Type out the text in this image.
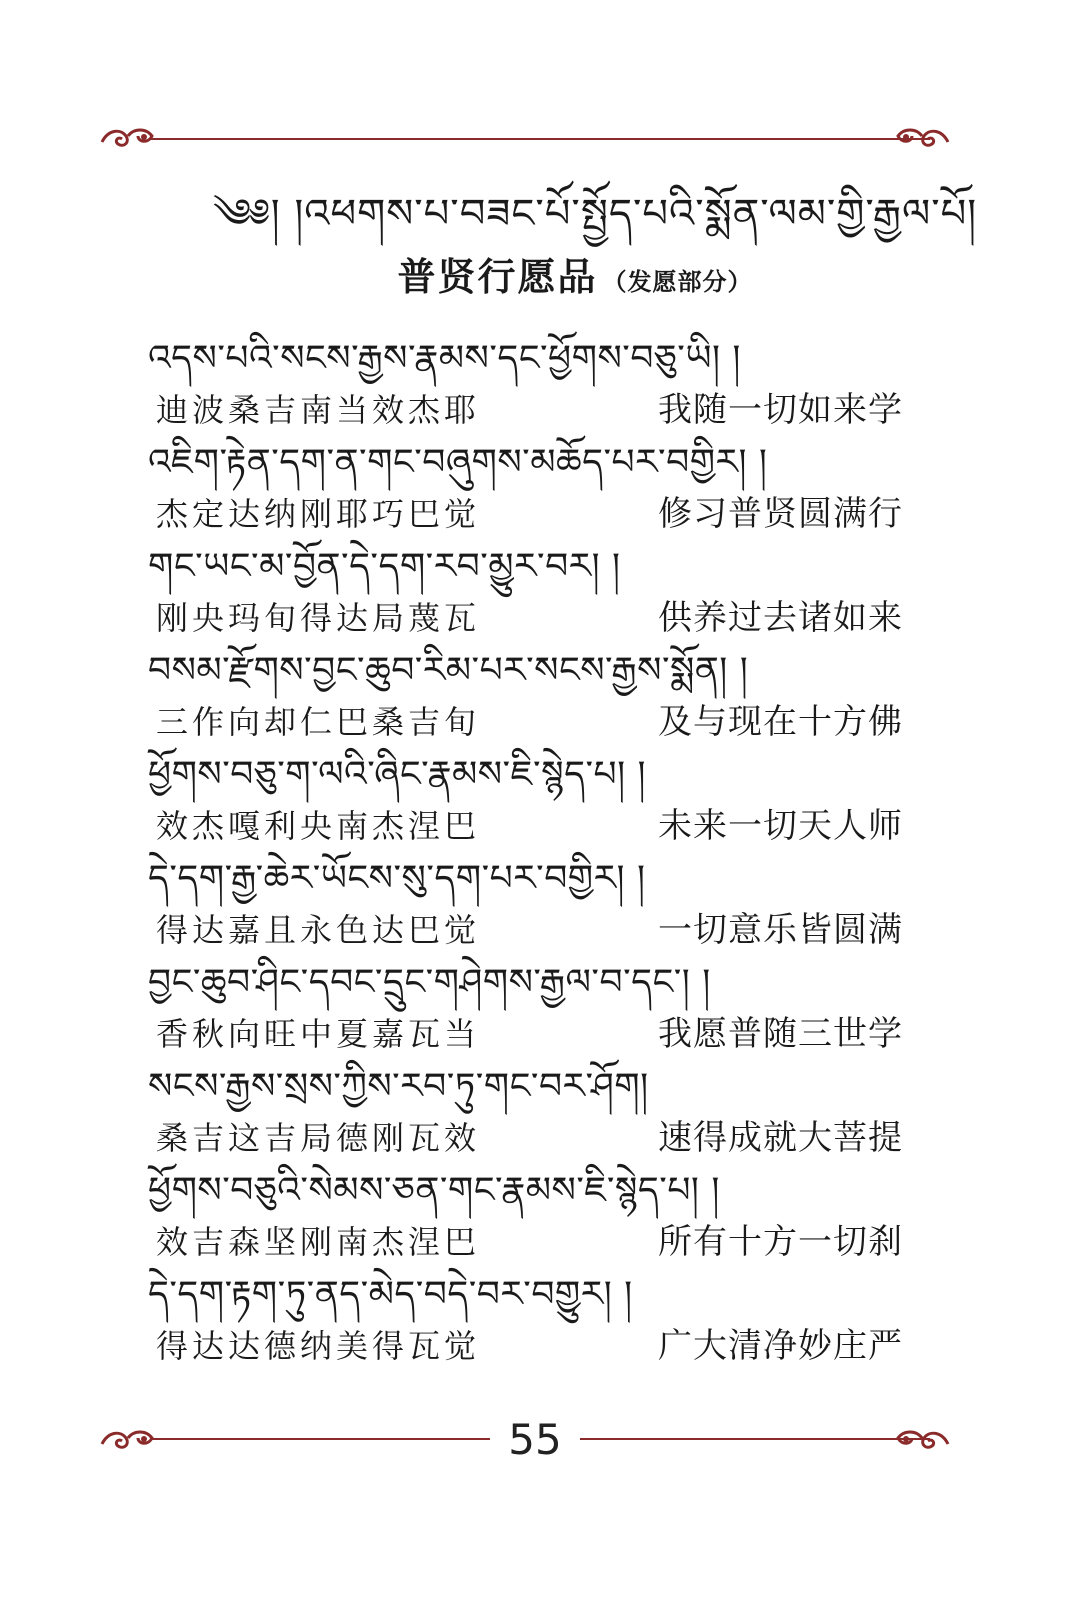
༄༅། །འཕགས་པ་བཟང་པོ་སྤྱོད་པའི་སྨོན་ལམ་གྱི་རྒྱལ་པོ།
普贤行愿品 （发愿部分）
འདས་པའི་སངས་རྒྱས་རྣམས་དང་ཕྱོགས་བཅུ་ཡི། །
迪波桑吉南当效杰耶	我随一切如来学
འཇིག་རྟེན་དག་ན་གང་བཞུགས་མཆོད་པར་བགྱིར། །
杰定达纳刚耶巧巴觉	修习普贤圆满行
གང་ཡང་མ་བྱོན་དེ་དག་རབ་མྱུར་བར། །
刚央玛旬得达局蔑瓦	供养过去诸如来
བསམ་རྫོགས་བྱང་ཆུབ་རིམ་པར་སངས་རྒྱས་སྨོན། །
三作向却仁巴桑吉旬	及与现在十方佛
ཕྱོགས་བཅུ་ག་ལའི་ཞིང་རྣམས་ཇི་སྙེད་པ། །
效杰嘎利央南杰涅巴	未来一切天人师
དེ་དག་རྒྱ་ཆེར་ཡོངས་སུ་དག་པར་བགྱིར། །
得达嘉且永色达巴觉	一切意乐皆圆满
བྱང་ཆུབ་ཤིང་དབང་དྲུང་གཤེགས་རྒྱལ་བ་དང་། །
香秋向旺中夏嘉瓦当	我愿普随三世学
སངས་རྒྱས་སྲས་ཀྱིས་རབ་ཏུ་གང་བར་ཤོག།
桑吉这吉局德刚瓦效	速得成就大菩提
ཕྱོགས་བཅུའི་སེམས་ཅན་གང་རྣམས་ཇི་སྙེད་པ། །
效吉森坚刚南杰涅巴	所有十方一切刹
དེ་དག་རྟག་ཏུ་ནད་མེད་བདེ་བར་བགྱུར། །
得达达德纳美得瓦觉	广大清净妙庄严
55
